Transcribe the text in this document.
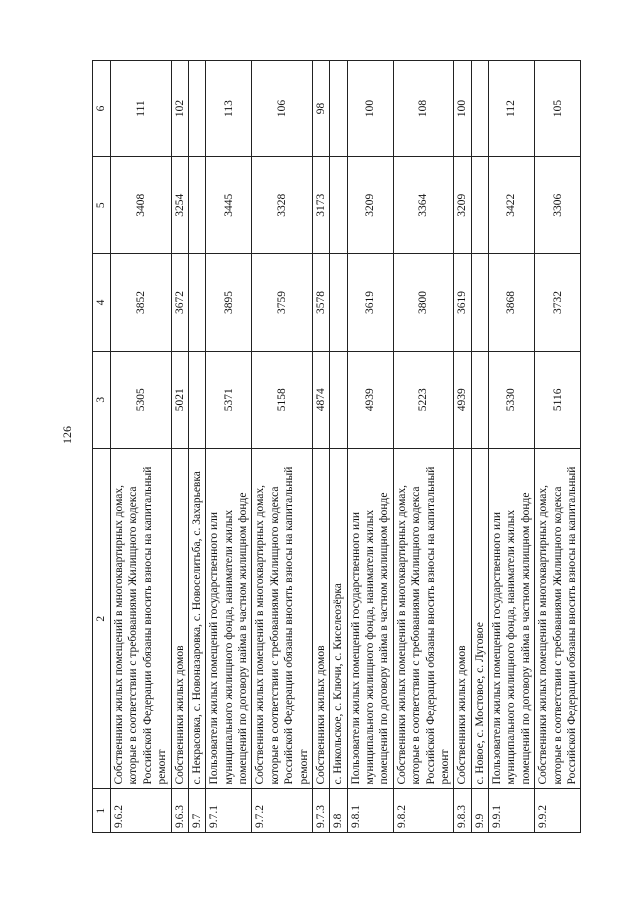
126
1	2	3	4	5	6
9.6.2	Собственники жилых помещений в многоквартирных домах, которые в соответствии с требованиями Жилищного кодекса Российской Федерации обязаны вносить взносы на капитальный ремонт	5305	3852	3408	111
9.6.3	Собственники жилых домов	5021	3672	3254	102
9.7	с. Некрасовка, с. Новоназаровка, с. Новоселитьба, с. Захарьевка				
9.7.1	Пользователи жилых помещений государственного или муниципального жилищного фонда, наниматели жилых помещений по договору найма в частном жилищном фонде	5371	3895	3445	113
9.7.2	Собственники жилых помещений в многоквартирных домах, которые в соответствии с требованиями Жилищного кодекса Российской Федерации обязаны вносить взносы на капитальный ремонт	5158	3759	3328	106
9.7.3	Собственники жилых домов	4874	3578	3173	98
9.8	с. Никольское, с. Ключи, с. Киселеозёрка				
9.8.1	Пользователи жилых помещений государственного или муниципального жилищного фонда, наниматели жилых помещений по договору найма в частном жилищном фонде	4939	3619	3209	100
9.8.2	Собственники жилых помещений в многоквартирных домах, которые в соответствии с требованиями Жилищного кодекса Российской Федерации обязаны вносить взносы на капитальный ремонт	5223	3800	3364	108
9.8.3	Собственники жилых домов	4939	3619	3209	100
9.9	с. Новое, с. Мостовое, с. Луговое				
9.9.1	Пользователи жилых помещений государственного или муниципального жилищного фонда, наниматели жилых помещений по договору найма в частном жилищном фонде	5330	3868	3422	112
9.9.2	Собственники жилых помещений в многоквартирных домах, которые в соответствии с требованиями Жилищного кодекса Российской Федерации обязаны вносить взносы на капитальный	5116	3732	3306	105
